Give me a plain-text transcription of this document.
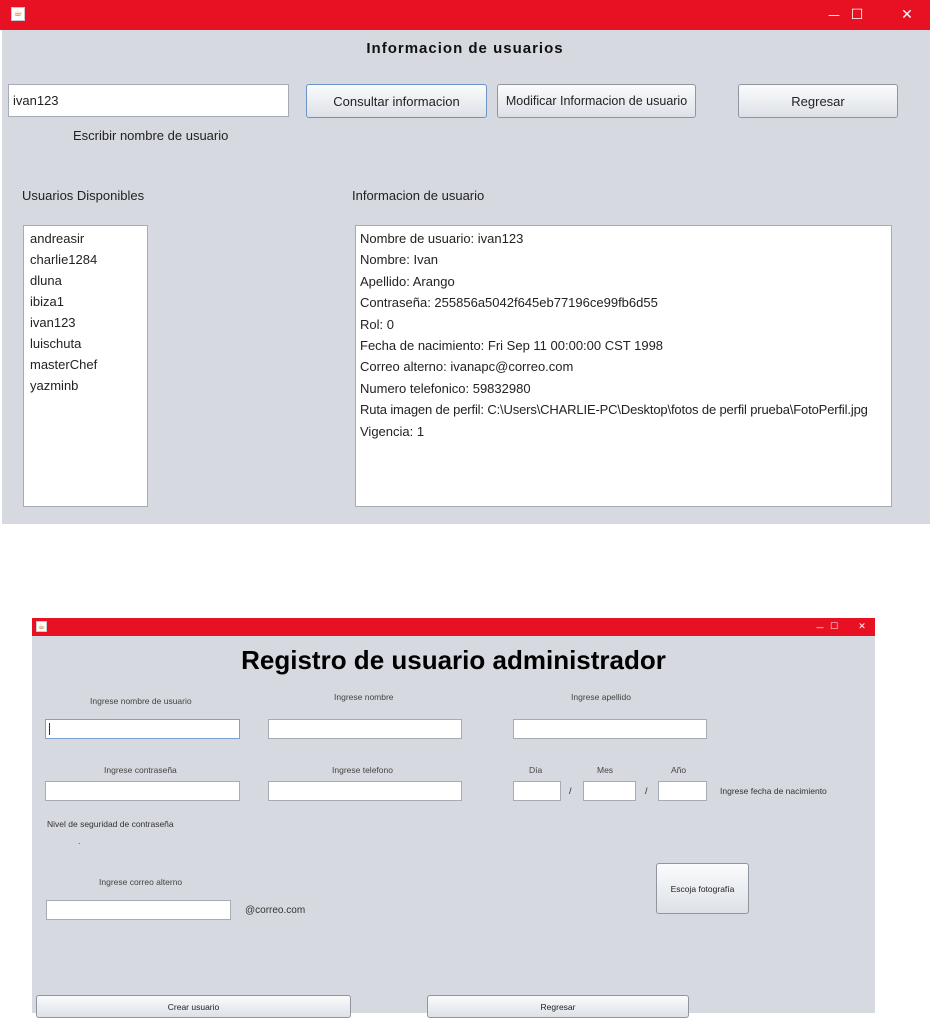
☕	— ☐	✕
Informacion de usuarios
ivan123
Escribir nombre de usuario
Consultar informacion	Modificar Informacion de usuario	Regresar
Usuarios Disponibles	Informacion de usuario
andreasir
charlie1284
dluna
ibiza1
ivan123
luischuta
masterChef
yazminb
Nombre de usuario: ivan123
Nombre: Ivan
Apellido: Arango
Contraseña: 255856a5042f645eb77196ce99fb6d55
Rol: 0
Fecha de nacimiento: Fri Sep 11 00:00:00 CST 1998
Correo alterno: ivanapc@correo.com
Numero telefonico: 59832980
Ruta imagen de perfil: C:\Users\CHARLIE-PC\Desktop\fotos de perfil prueba\FotoPerfil.jpg
Vigencia: 1
☕	— ☐	✕
Registro de usuario administrador
Ingrese nombre de usuario	Ingrese nombre	Ingrese apellido
Ingrese contraseña	Ingrese telefono	Día	Mes	Año
/	/	Ingrese fecha de nacimiento
Nivel de seguridad de contraseña
.
Ingrese correo alterno
@correo.com
Escoja fotografía
Crear usuario	Regresar
